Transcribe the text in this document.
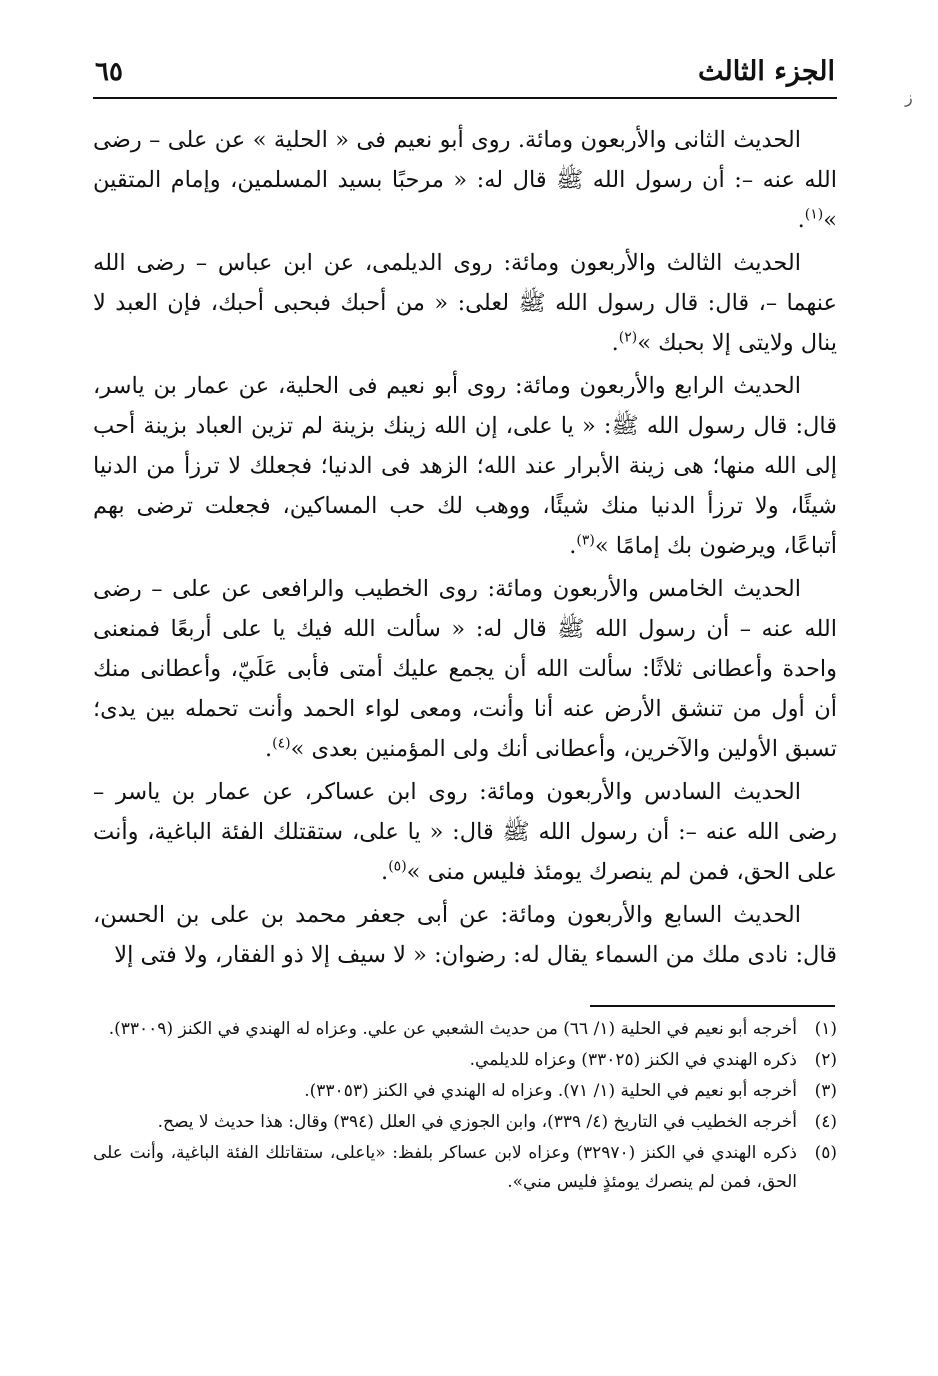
الجزء الثالث
٦٥
ز

الحديث الثانى والأربعون ومائة. روى أبو نعيم فى « الحلية » عن على – رضى الله عنه –: أن رسول الله ﷺ قال له: « مرحبًا بسيد المسلمين، وإمام المتقين »$^{(١)}$.

الحديث الثالث والأربعون ومائة: روى الديلمى، عن ابن عباس – رضى الله عنهما –، قال: قال رسول الله ﷺ لعلى: « من أحبك فبحبى أحبك، فإن العبد لا ينال ولايتى إلا بحبك »$^{(٢)}$.

الحديث الرابع والأربعون ومائة: روى أبو نعيم فى الحلية، عن عمار بن ياسر، قال: قال رسول الله ﷺ: « يا على، إن الله زينك بزينة لم تزين العباد بزينة أحب إلى الله منها؛ هى زينة الأبرار عند الله؛ الزهد فى الدنيا؛ فجعلك لا ترزأ من الدنيا شيئًا، ولا ترزأ الدنيا منك شيئًا، ووهب لك حب المساكين، فجعلت ترضى بهم أتباعًا، ويرضون بك إمامًا »$^{(٣)}$.

الحديث الخامس والأربعون ومائة: روى الخطيب والرافعى عن على – رضى الله عنه – أن رسول الله ﷺ قال له: « سألت الله فيك يا على أربعًا فمنعنى واحدة وأعطانى ثلاثًا: سألت الله أن يجمع عليك أمتى فأبى عَلَيّ، وأعطانى منك أن أول من تنشق الأرض عنه أنا وأنت، ومعى لواء الحمد وأنت تحمله بين يدى؛ تسبق الأولين والآخرين، وأعطانى أنك ولى المؤمنين بعدى »$^{(٤)}$.

الحديث السادس والأربعون ومائة: روى ابن عساكر، عن عمار بن ياسر – رضى الله عنه –: أن رسول الله ﷺ قال: « يا على، ستقتلك الفئة الباغية، وأنت على الحق، فمن لم ينصرك يومئذ فليس منى »$^{(٥)}$.

الحديث السابع والأربعون ومائة: عن أبى جعفر محمد بن على بن الحسن، قال: نادى ملك من السماء يقال له: رضوان: « لا سيف إلا ذو الفقار، ولا فتى إلا

(١)
أخرجه أبو نعيم في الحلية (١/ ٦٦) من حديث الشعبي عن علي. وعزاه له الهندي في الكنز (٣٣٠٠٩).
(٢)
ذكره الهندي في الكنز (٣٣٠٢٥) وعزاه للديلمي.
(٣)
أخرجه أبو نعيم في الحلية (١/ ٧١). وعزاه له الهندي في الكنز (٣٣٠٥٣).
(٤)
أخرجه الخطيب في التاريخ (٤/ ٣٣٩)، وابن الجوزي في العلل (٣٩٤) وقال: هذا حديث لا يصح.
(٥)
ذكره الهندي في الكنز (٣٢٩٧٠) وعزاه لابن عساكر بلفظ: «ياعلى، ستقاتلك الفئة الباغية، وأنت على الحق، فمن لم ينصرك يومئذٍ فليس مني».
